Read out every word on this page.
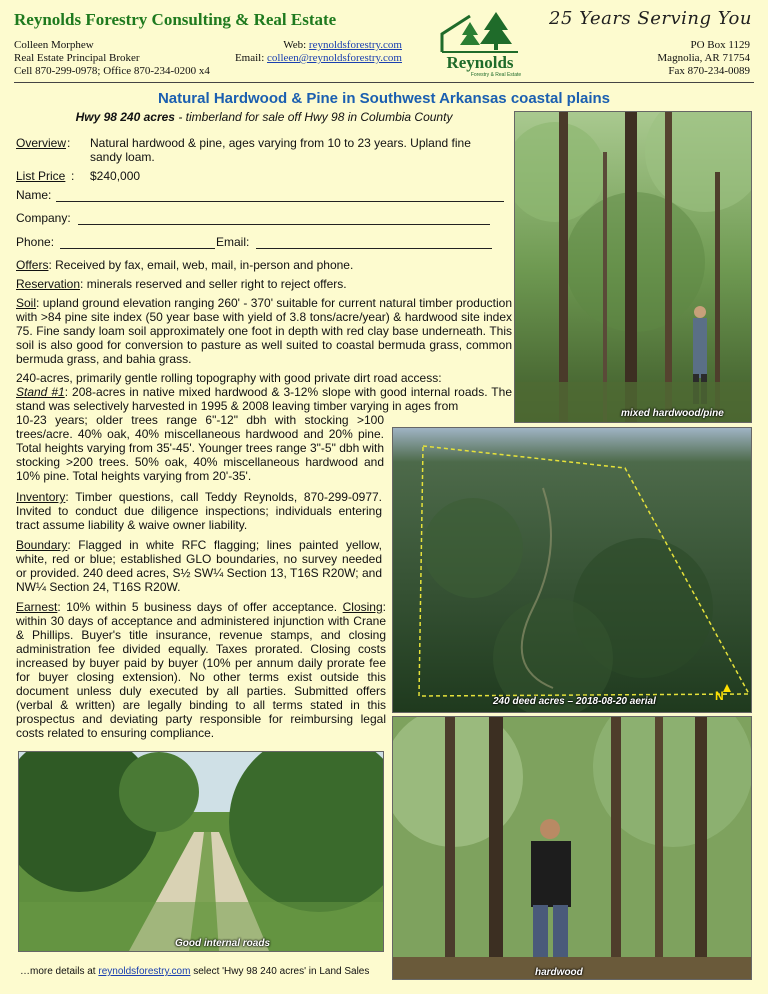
Reynolds Forestry Consulting & Real Estate	25 Years Serving You
Colleen Morphew
Real Estate Principal Broker
Cell 870-299-0978; Office 870-234-0200 x4
Web: reynoldsforestry.com
Email: colleen@reynoldsforestry.com	Reynolds
Forestry & Real Estate
PO Box 1129
Magnolia, AR 71754
Fax 870-234-0089
Natural Hardwood & Pine in Southwest Arkansas coastal plains
Hwy 98 240 acres - timberland for sale off Hwy 98 in Columbia County
Overview : Natural hardwood & pine, ages varying from 10 to 23 years. Upland fine sandy loam.
List Price : $240,000
Name:
Company:
Phone:	Email:
Offers: Received by fax, email, web, mail, in-person and phone.
Reservation: minerals reserved and seller right to reject offers.
Soil: upland ground elevation ranging 260' - 370' suitable for current natural timber production with >84 pine site index (50 year base with yield of 3.8 tons/acre/year) & hardwood site index 75. Fine sandy loam soil approximately one foot in depth with red clay base underneath. This soil is also good for conversion to pasture as well suited to coastal bermuda grass, common bermuda grass, and bahia grass.
240-acres, primarily gentle rolling topography with good private dirt road access:
Stand #1: 208-acres in native mixed hardwood & 3-12% slope with good internal roads. The stand was selectively harvested in 1995 & 2008 leaving timber varying in ages from
10-23 years; older trees range 6"-12" dbh with stocking >100 trees/acre. 40% oak, 40% miscellaneous hardwood and 20% pine. Total heights varying from 35'-45'. Younger trees range 3"-5" dbh with stocking >200 trees. 50% oak, 40% miscellaneous hardwood and 10% pine. Total heights varying from 20'-35'.
Inventory: Timber questions, call Teddy Reynolds, 870-299-0977. Invited to conduct due diligence inspections; individuals entering tract assume liability & waive owner liability.
Boundary: Flagged in white RFC flagging; lines painted yellow, white, red or blue; established GLO boundaries, no survey needed or provided. 240 deed acres, S½ SW¼ Section 13, T16S R20W; and NW¼ Section 24, T16S R20W.
Earnest: 10% within 5 business days of offer acceptance. Closing: within 30 days of acceptance and administered injunction with Crane & Phillips. Buyer's title insurance, revenue stamps, and closing administration fee divided equally. Taxes prorated. Closing costs increased by buyer paid by buyer (10% per annum daily prorate fee for buyer closing extension). No other terms exist outside this document unless duly executed by all parties. Submitted offers (verbal & written) are legally binding to all terms stated in this prospectus and deviating party responsible for reimbursing legal costs related to ensuring compliance.
mixed hardwood/pine
N
240 deed acres – 2018-08-20 aerial
Good internal roads
hardwood
…more details at reynoldsforestry.com select 'Hwy 98 240 acres' in Land Sales
